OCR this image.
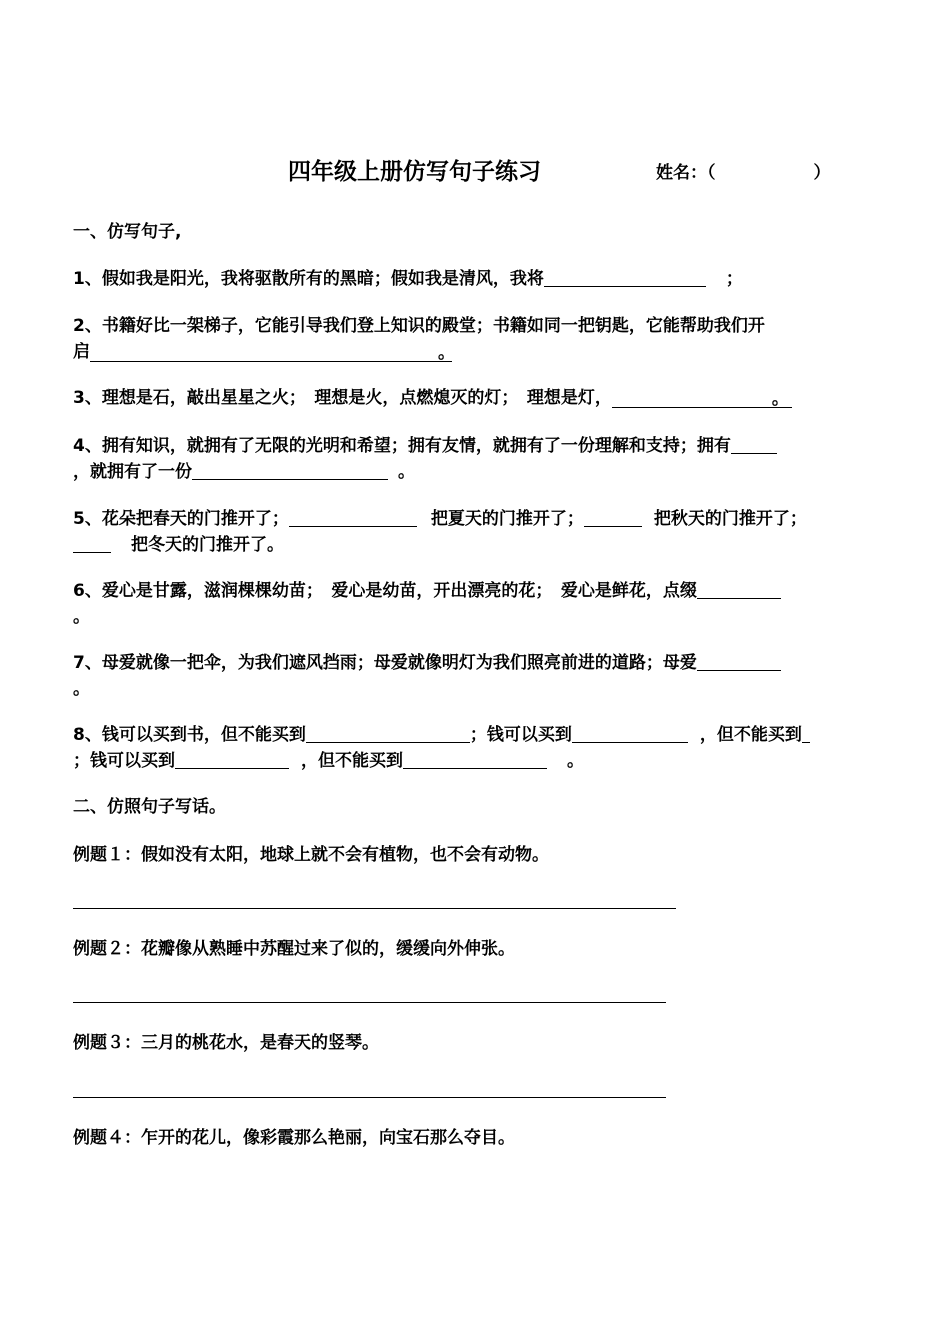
四年级上册仿写句子练习	姓名：（	）
一、仿写句子,
1、假如我是阳光，我将驱散所有的黑暗；假如我是清风，我将	；
2、书籍好比一架梯子，它能引导我们登上知识的殿堂；书籍如同一把钥匙，它能帮助我们开
启	。
3、理想是石，敲出星星之火；　理想是火，点燃熄灭的灯；　理想是灯，	。
4、拥有知识，就拥有了无限的光明和希望；拥有友情，就拥有了一份理解和支持；拥有
，就拥有了一份	。
5、花朵把春天的门推开了；	把夏天的门推开了；	把秋天的门推开了；
把冬天的门推开了。
6、爱心是甘露，滋润棵棵幼苗；　爱心是幼苗，开出漂亮的花；　爱心是鲜花，点缀
。
7、母爱就像一把伞，为我们遮风挡雨；母爱就像明灯为我们照亮前进的道路；母爱
。
8、钱可以买到书，但不能买到	；钱可以买到	，但不能买到
；钱可以买到	，但不能买到	。
二、仿照句子写话。
例题１：假如没有太阳，地球上就不会有植物，也不会有动物。
例题２：花瓣像从熟睡中苏醒过来了似的，缓缓向外伸张。
例题３：三月的桃花水，是春天的竖琴。
例题４：乍开的花儿，像彩霞那么艳丽，向宝石那么夺目。
